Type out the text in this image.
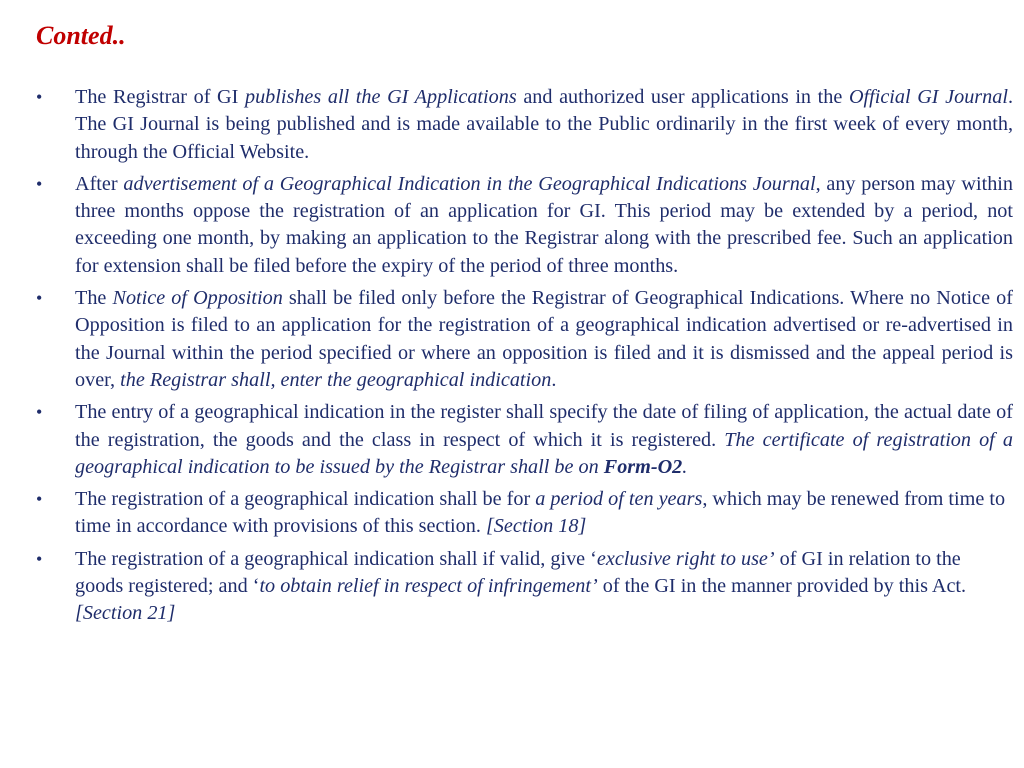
Conted..
• The Registrar of GI publishes all the GI Applications and authorized user applications in the Official GI Journal. The GI Journal is being published and is made available to the Public ordinarily in the first week of every month, through the Official Website.
• After advertisement of a Geographical Indication in the Geographical Indications Journal, any person may within three months oppose the registration of an application for GI. This period may be extended by a period, not exceeding one month, by making an application to the Registrar along with the prescribed fee. Such an application for extension shall be filed before the expiry of the period of three months.
• The Notice of Opposition shall be filed only before the Registrar of Geographical Indications. Where no Notice of Opposition is filed to an application for the registration of a geographical indication advertised or re-advertised in the Journal within the period specified or where an opposition is filed and it is dismissed and the appeal period is over, the Registrar shall, enter the geographical indication.
• The entry of a geographical indication in the register shall specify the date of filing of application, the actual date of the registration, the goods and the class in respect of which it is registered. The certificate of registration of a geographical indication to be issued by the Registrar shall be on Form-O2.
• The registration of a geographical indication shall be for a period of ten years, which may be renewed from time to time in accordance with provisions of this section. [Section 18]
• The registration of a geographical indication shall if valid, give ‘exclusive right to use’ of GI in relation to the goods registered; and ‘to obtain relief in respect of infringement’ of the GI in the manner provided by this Act. [Section 21]
